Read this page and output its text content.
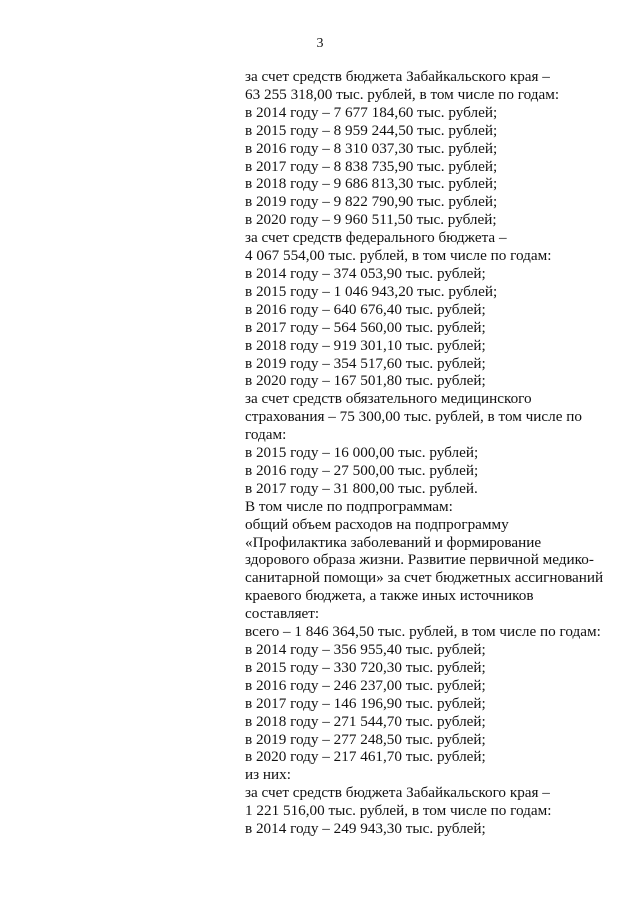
3
за счет средств бюджета Забайкальского края –
63 255 318,00 тыс. рублей, в том числе по годам:
в 2014 году – 7 677 184,60 тыс. рублей;
в 2015 году – 8 959 244,50 тыс. рублей;
в 2016 году – 8 310 037,30 тыс. рублей;
в 2017 году – 8 838 735,90 тыс. рублей;
в 2018 году – 9 686 813,30 тыс. рублей;
в 2019 году – 9 822 790,90 тыс. рублей;
в 2020 году – 9 960 511,50 тыс. рублей;
за счет средств федерального бюджета –
4 067 554,00 тыс. рублей, в том числе по годам:
в 2014 году – 374 053,90 тыс. рублей;
в 2015 году – 1 046 943,20 тыс. рублей;
в 2016 году – 640 676,40 тыс. рублей;
в 2017 году – 564 560,00 тыс. рублей;
в 2018 году – 919 301,10 тыс. рублей;
в 2019 году – 354 517,60 тыс. рублей;
в 2020 году – 167 501,80 тыс. рублей;
за счет средств обязательного медицинского
страхования – 75 300,00 тыс. рублей, в том числе по
годам:
в 2015 году – 16 000,00 тыс. рублей;
в 2016 году – 27 500,00 тыс. рублей;
в 2017 году – 31 800,00 тыс. рублей.
В том числе по подпрограммам:
общий объем расходов на подпрограмму
«Профилактика заболеваний и формирование
здорового образа жизни. Развитие первичной медико-
санитарной помощи» за счет бюджетных ассигнований
краевого бюджета, а также иных источников
составляет:
всего – 1 846 364,50 тыс. рублей, в том числе по годам:
в 2014 году – 356 955,40 тыс. рублей;
в 2015 году – 330 720,30 тыс. рублей;
в 2016 году – 246 237,00 тыс. рублей;
в 2017 году – 146 196,90 тыс. рублей;
в 2018 году – 271 544,70 тыс. рублей;
в 2019 году – 277 248,50 тыс. рублей;
в 2020 году – 217 461,70 тыс. рублей;
из них:
за счет средств бюджета Забайкальского края –
1 221 516,00 тыс. рублей, в том числе по годам:
в 2014 году – 249 943,30 тыс. рублей;
